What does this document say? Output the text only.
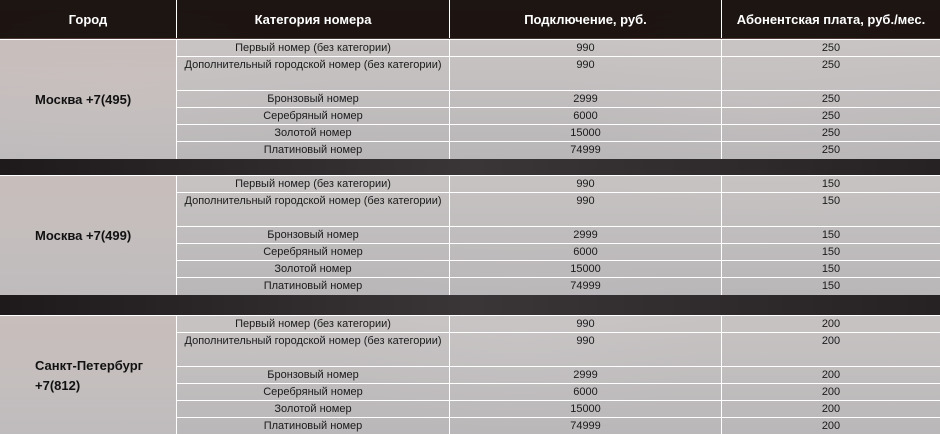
Город	Категория номера	Подключение, руб.	Абонентская плата, руб./мес.
Москва +7(495)
Первый номер (без категории)	990	250
Дополнительный городской номер (без категории)	990	250
Бронзовый номер	2999	250
Серебряный номер	6000	250
Золотой номер	15000	250
Платиновый номер	74999	250
Москва +7(499)
Первый номер (без категории)	990	150
Дополнительный городской номер (без категории)	990	150
Бронзовый номер	2999	150
Серебряный номер	6000	150
Золотой номер	15000	150
Платиновый номер	74999	150
Санкт-Петербург
+7(812)
Первый номер (без категории)	990	200
Дополнительный городской номер (без категории)	990	200
Бронзовый номер	2999	200
Серебряный номер	6000	200
Золотой номер	15000	200
Платиновый номер	74999	200
